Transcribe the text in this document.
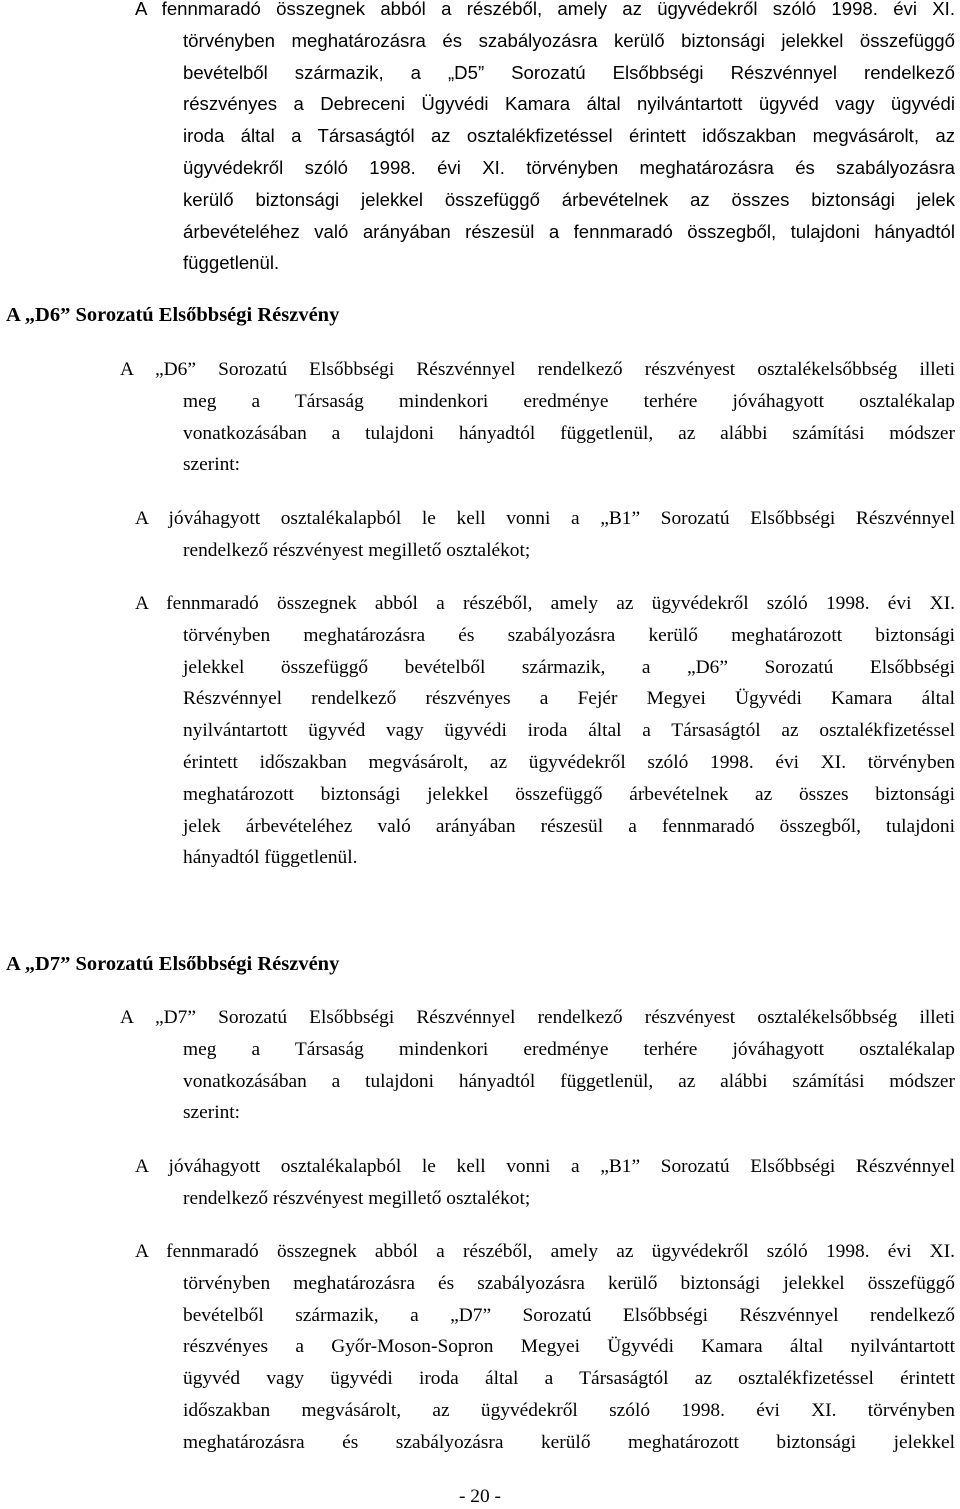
A fennmaradó összegnek abból a részéből, amely az ügyvédekről szóló 1998. évi XI.
törvényben meghatározásra és szabályozásra kerülő biztonsági jelekkel összefüggő
bevételből származik, a „D5” Sorozatú Elsőbbségi Részvénnyel rendelkező
részvényes a Debreceni Ügyvédi Kamara által nyilvántartott ügyvéd vagy ügyvédi
iroda által a Társaságtól az osztalékfizetéssel érintett időszakban megvásárolt, az
ügyvédekről szóló 1998. évi XI. törvényben meghatározásra és szabályozásra
kerülő biztonsági jelekkel összefüggő árbevételnek az összes biztonsági jelek
árbevételéhez való arányában részesül a fennmaradó összegből, tulajdoni hányadtól
függetlenül.
A „D6” Sorozatú Elsőbbségi Részvény
A „D6” Sorozatú Elsőbbségi Részvénnyel rendelkező részvényest osztalékelsőbbség illeti
meg a Társaság mindenkori eredménye terhére jóváhagyott osztalékalap
vonatkozásában a tulajdoni hányadtól függetlenül, az alábbi számítási módszer
szerint:
A jóváhagyott osztalékalapból le kell vonni a „B1” Sorozatú Elsőbbségi Részvénnyel
rendelkező részvényest megillető osztalékot;
A fennmaradó összegnek abból a részéből, amely az ügyvédekről szóló 1998. évi XI.
törvényben meghatározásra és szabályozásra kerülő meghatározott biztonsági
jelekkel összefüggő bevételből származik, a „D6” Sorozatú Elsőbbségi
Részvénnyel rendelkező részvényes a Fejér Megyei Ügyvédi Kamara által
nyilvántartott ügyvéd vagy ügyvédi iroda által a Társaságtól az osztalékfizetéssel
érintett időszakban megvásárolt, az ügyvédekről szóló 1998. évi XI. törvényben
meghatározott biztonsági jelekkel összefüggő árbevételnek az összes biztonsági
jelek árbevételéhez való arányában részesül a fennmaradó összegből, tulajdoni
hányadtól függetlenül.
A „D7” Sorozatú Elsőbbségi Részvény
A „D7” Sorozatú Elsőbbségi Részvénnyel rendelkező részvényest osztalékelsőbbség illeti
meg a Társaság mindenkori eredménye terhére jóváhagyott osztalékalap
vonatkozásában a tulajdoni hányadtól függetlenül, az alábbi számítási módszer
szerint:
A jóváhagyott osztalékalapból le kell vonni a „B1” Sorozatú Elsőbbségi Részvénnyel
rendelkező részvényest megillető osztalékot;
A fennmaradó összegnek abból a részéből, amely az ügyvédekről szóló 1998. évi XI.
törvényben meghatározásra és szabályozásra kerülő biztonsági jelekkel összefüggő
bevételből származik, a „D7” Sorozatú Elsőbbségi Részvénnyel rendelkező
részvényes a Győr-Moson-Sopron Megyei Ügyvédi Kamara által nyilvántartott
ügyvéd vagy ügyvédi iroda által a Társaságtól az osztalékfizetéssel érintett
időszakban megvásárolt, az ügyvédekről szóló 1998. évi XI. törvényben
meghatározásra és szabályozásra kerülő meghatározott biztonsági jelekkel
- 20 -
